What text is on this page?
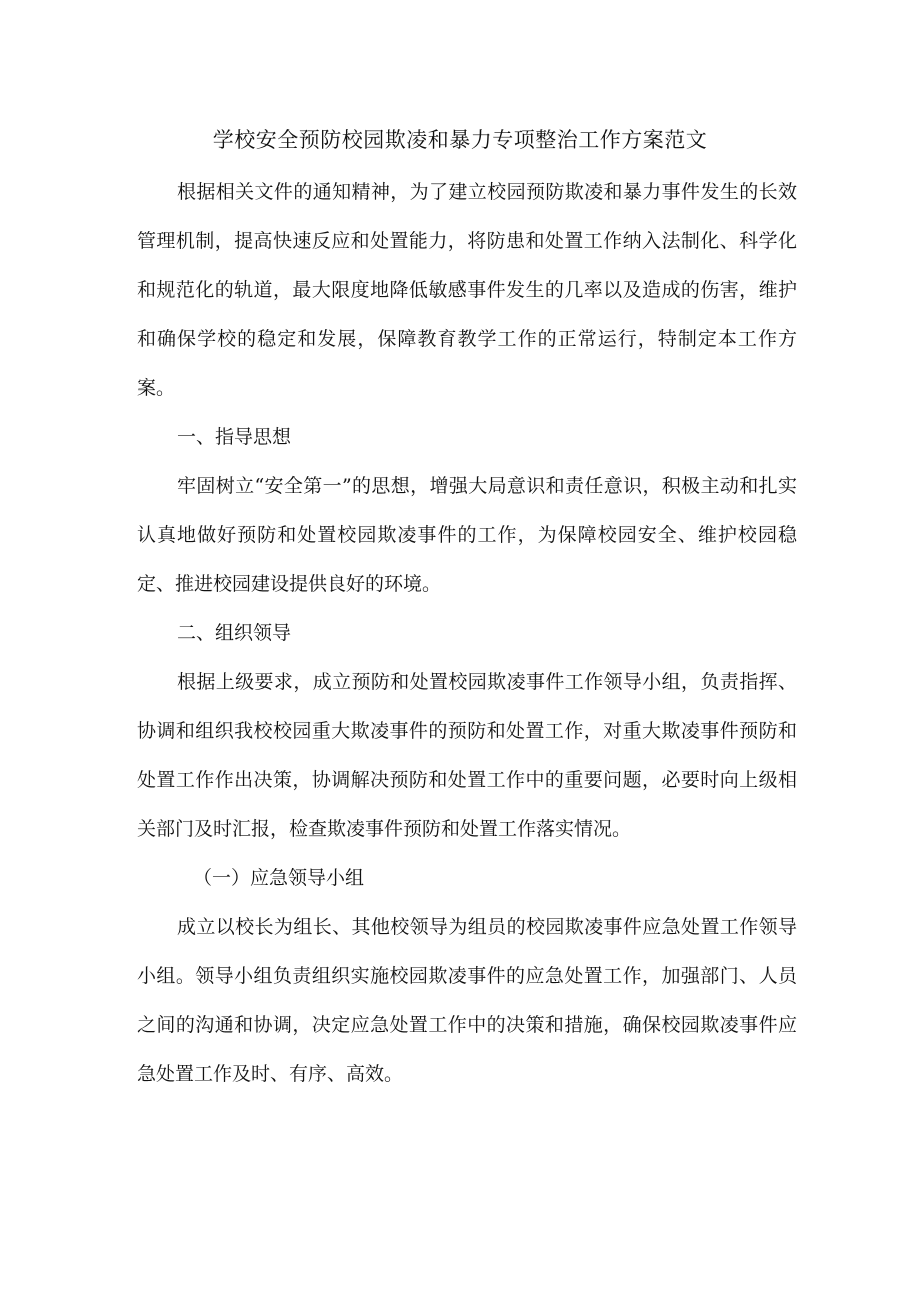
学校安全预防校园欺凌和暴力专项整治工作方案范文

根据相关文件的通知精神，为了建立校园预防欺凌和暴力事件发生的长效管理机制，提高快速反应和处置能力，将防患和处置工作纳入法制化、科学化和规范化的轨道，最大限度地降低敏感事件发生的几率以及造成的伤害，维护和确保学校的稳定和发展，保障教育教学工作的正常运行，特制定本工作方案。

一、指导思想

牢固树立“安全第一”的思想，增强大局意识和责任意识，积极主动和扎实认真地做好预防和处置校园欺凌事件的工作，为保障校园安全、维护校园稳定、推进校园建设提供良好的环境。

二、组织领导

根据上级要求，成立预防和处置校园欺凌事件工作领导小组，负责指挥、协调和组织我校校园重大欺凌事件的预防和处置工作，对重大欺凌事件预防和处置工作作出决策，协调解决预防和处置工作中的重要问题，必要时向上级相关部门及时汇报，检查欺凌事件预防和处置工作落实情况。

（一）应急领导小组

成立以校长为组长、其他校领导为组员的校园欺凌事件应急处置工作领导小组。领导小组负责组织实施校园欺凌事件的应急处置工作，加强部门、人员之间的沟通和协调，决定应急处置工作中的决策和措施，确保校园欺凌事件应急处置工作及时、有序、高效。
